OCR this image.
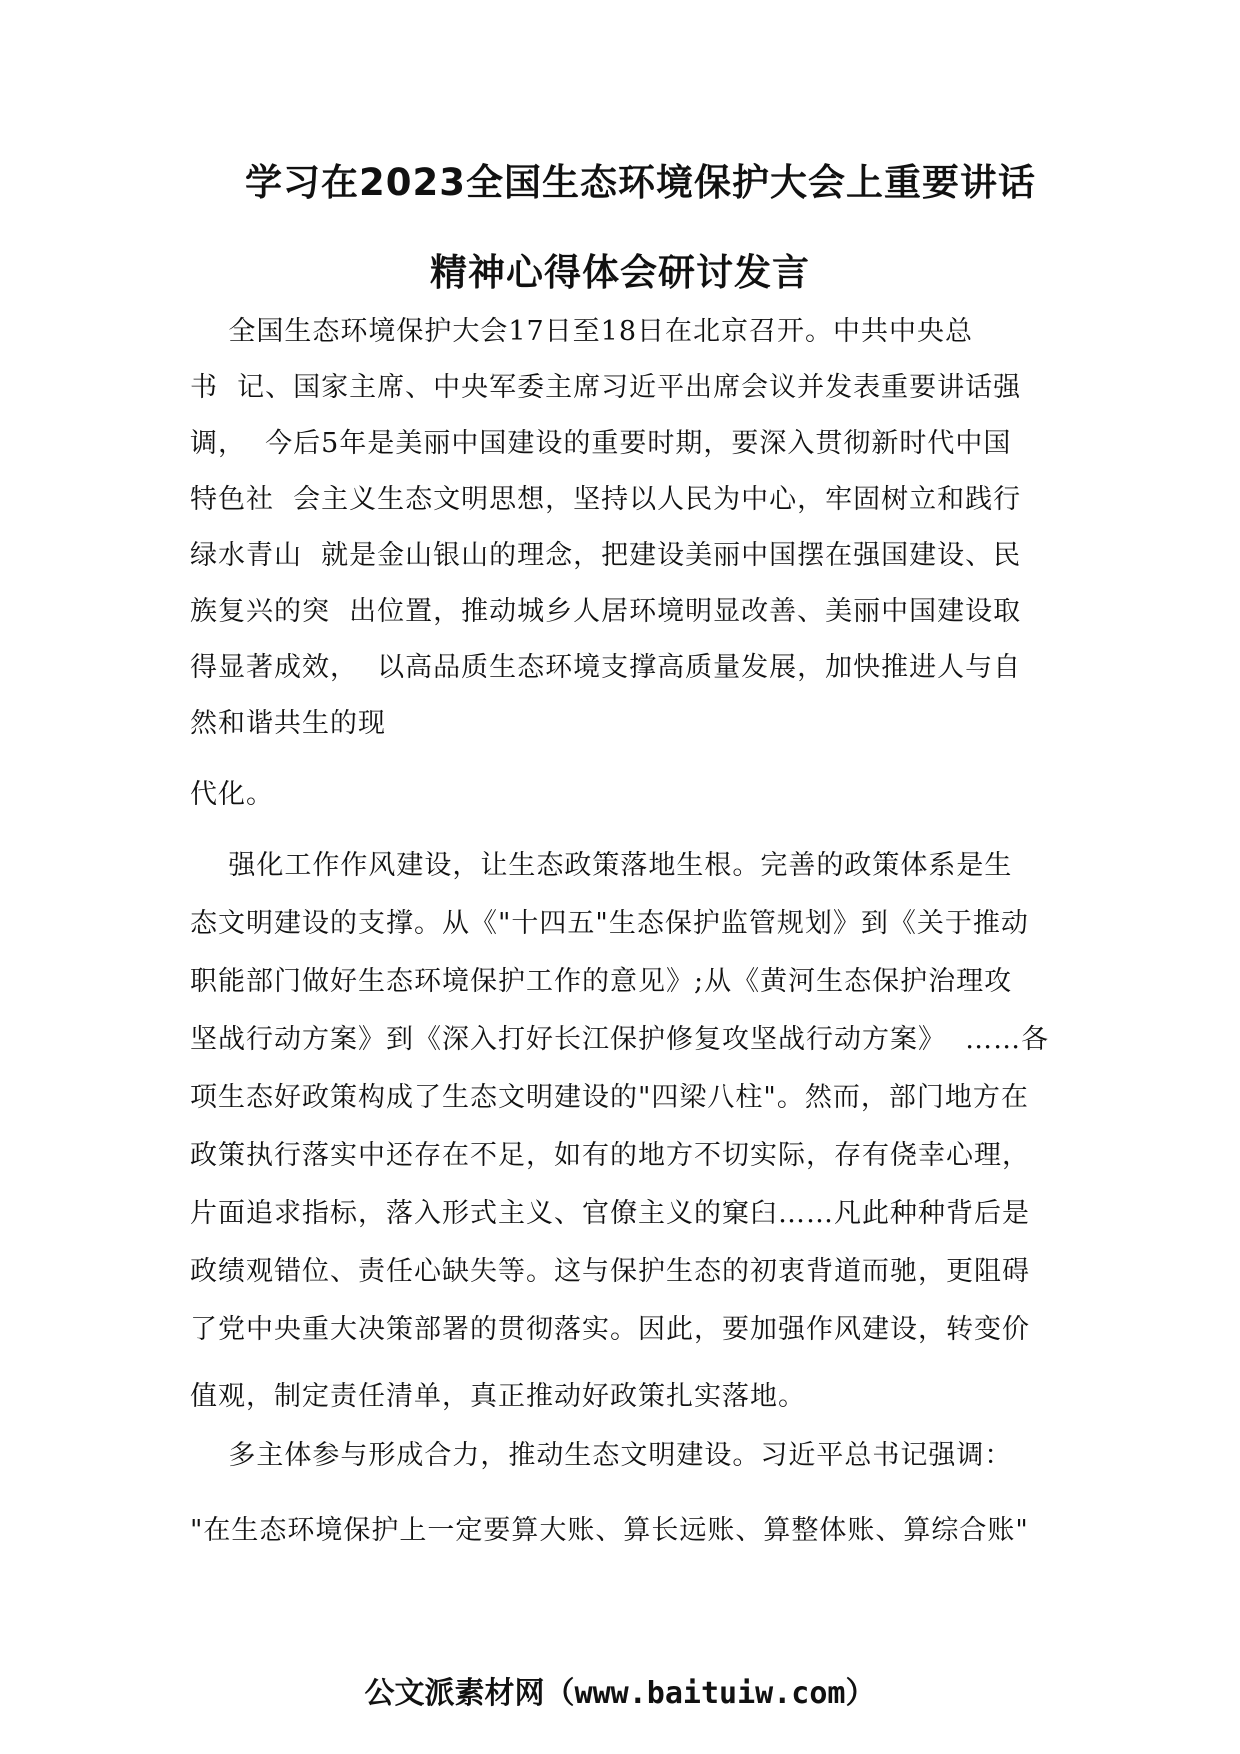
学习在2023全国生态环境保护大会上重要讲话
精神心得体会研讨发言
全国生态环境保护大会17日至18日在北京召开。中共中央总
书  记、国家主席、中央军委主席习近平出席会议并发表重要讲话强
调，  今后5年是美丽中国建设的重要时期，要深入贯彻新时代中国
特色社  会主义生态文明思想，坚持以人民为中心，牢固树立和践行
绿水青山  就是金山银山的理念，把建设美丽中国摆在强国建设、民
族复兴的突  出位置，推动城乡人居环境明显改善、美丽中国建设取
得显著成效，  以高品质生态环境支撑高质量发展，加快推进人与自
然和谐共生的现
代化。
强化工作作风建设，让生态政策落地生根。完善的政策体系是生
态文明建设的支撑。从《"十四五"生态保护监管规划》到《关于推动
职能部门做好生态环境保护工作的意见》;从《黄河生态保护治理攻
坚战行动方案》到《深入打好长江保护修复攻坚战行动方案》  ……各
项生态好政策构成了生态文明建设的"四梁八柱"。然而，部门地方在
政策执行落实中还存在不足，如有的地方不切实际，存有侥幸心理，
片面追求指标，落入形式主义、官僚主义的窠臼……凡此种种背后是
政绩观错位、责任心缺失等。这与保护生态的初衷背道而驰，更阻碍
了党中央重大决策部署的贯彻落实。因此，要加强作风建设，转变价
值观，制定责任清单，真正推动好政策扎实落地。
多主体参与形成合力，推动生态文明建设。习近平总书记强调：
"在生态环境保护上一定要算大账、算长远账、算整体账、算综合账"
公文派素材网（www.baituiw.com）
